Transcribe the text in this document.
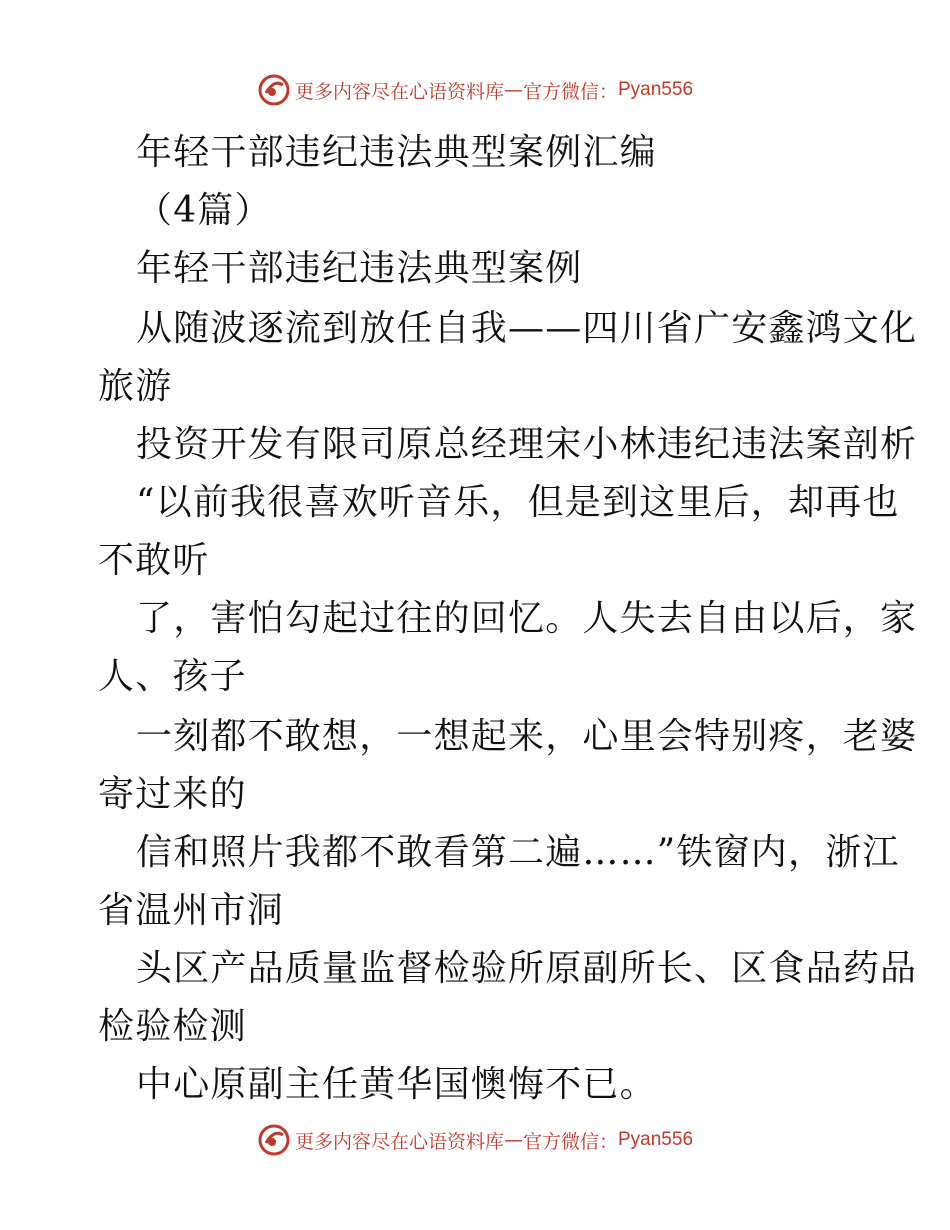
更多内容尽在心语资料库 — 官方微信： Pyan556
年轻干部违纪违法典型案例汇编
（4篇）
年轻干部违纪违法典型案例
从随波逐流到放任自我——四川省广安鑫鸿文化
旅游
投资开发有限司原总经理宋小林违纪违法案剖析
“以前我很喜欢听音乐，但是到这里后，却再也
不敢听
了，害怕勾起过往的回忆。人失去自由以后，家
人、孩子
一刻都不敢想，一想起来，心里会特别疼，老婆
寄过来的
信和照片我都不敢看第二遍……”铁窗内，浙江
省温州市洞
头区产品质量监督检验所原副所长、区食品药品
检验检测
中心原副主任黄华国懊悔不已。
更多内容尽在心语资料库 — 官方微信： Pyan556
